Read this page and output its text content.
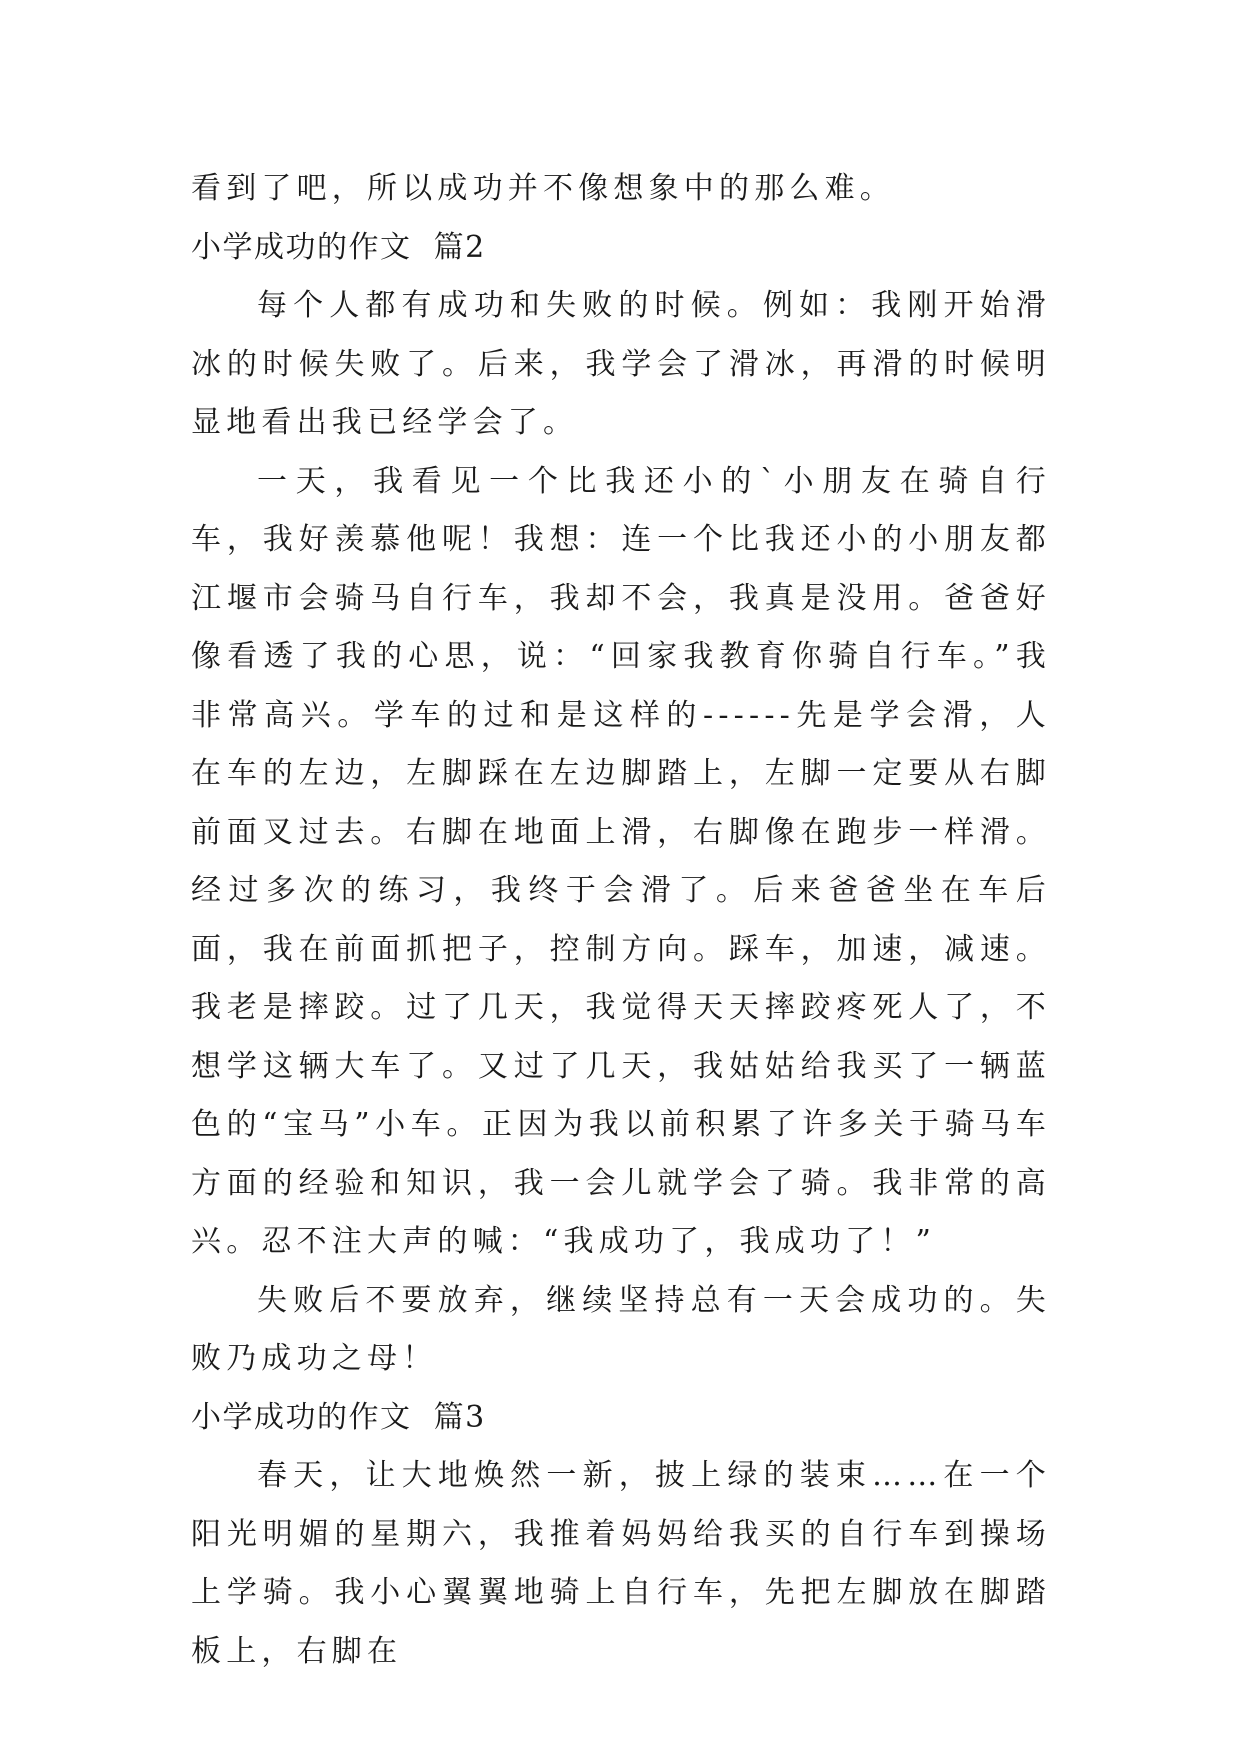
看到了吧，所以成功并不像想象中的那么难。

小学成功的作文  篇2

每个人都有成功和失败的时候。例如：我刚开始滑冰的时候失败了。后来，我学会了滑冰，再滑的时候明显地看出我已经学会了。

一天，我看见一个比我还小的`小朋友在骑自行车，我好羡慕他呢！我想：连一个比我还小的小朋友都江堰市会骑马自行车，我却不会，我真是没用。爸爸好像看透了我的心思，说：“回家我教育你骑自行车。”我非常高兴。学车的过和是这样的------先是学会滑，人在车的左边，左脚踩在左边脚踏上，左脚一定要从右脚前面叉过去。右脚在地面上滑，右脚像在跑步一样滑。经过多次的练习，我终于会滑了。后来爸爸坐在车后面，我在前面抓把子，控制方向。踩车，加速，减速。我老是摔跤。过了几天，我觉得天天摔跤疼死人了，不想学这辆大车了。又过了几天，我姑姑给我买了一辆蓝色的“宝马”小车。正因为我以前积累了许多关于骑马车方面的经验和知识，我一会儿就学会了骑。我非常的高兴。忍不注大声的喊：“我成功了，我成功了！”

失败后不要放弃，继续坚持总有一天会成功的。失败乃成功之母！

小学成功的作文  篇3

春天，让大地焕然一新，披上绿的装束……在一个阳光明媚的星期六，我推着妈妈给我买的自行车到操场上学骑。我小心翼翼地骑上自行车，先把左脚放在脚踏板上，右脚在
